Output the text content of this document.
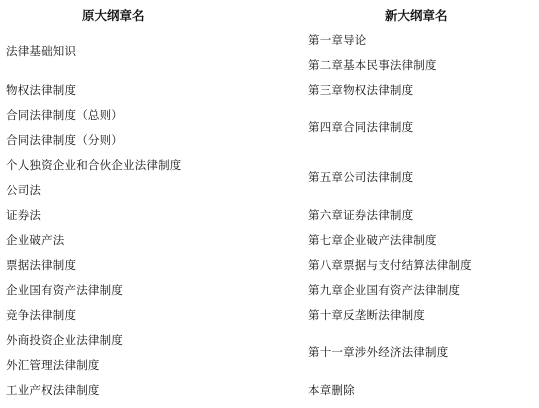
原大纲章名	新大纲章名
法律基础知识
物权法律制度
合同法律制度（总则）
合同法律制度（分则）
个人独资企业和合伙企业法律制度
公司法
证券法
企业破产法
票据法律制度
企业国有资产法律制度
竞争法律制度
外商投资企业法律制度
外汇管理法律制度
工业产权法律制度
第一章导论
第二章基本民事法律制度
第三章物权法律制度
第四章合同法律制度
第五章公司法律制度
第六章证券法律制度
第七章企业破产法律制度
第八章票据与支付结算法律制度
第九章企业国有资产法律制度
第十章反垄断法律制度
第十一章涉外经济法律制度
本章删除
